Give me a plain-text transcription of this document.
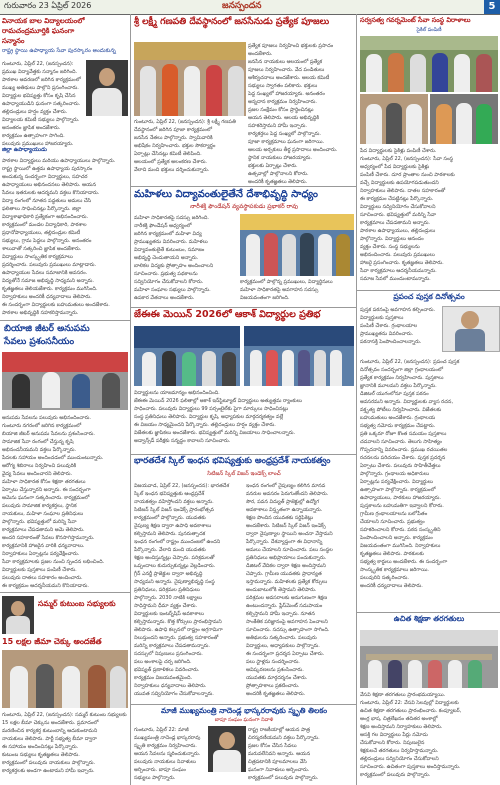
గురువారం 23 ఏప్రిల్ 2026	జనస్పందన	5
వినాయక బాల విద్యాలయంలో
రామచంద్రమూర్తికి ఘనంగా
సన్మానం
రాష్ట్ర స్థాయి ఉపాధ్యాయ సేవా పురస్కారం అందుకున్న
గుంటూరు, ఏప్రిల్ 22, (జనస్పందన): ప్రముఖ విద్యావేత్తకు సన్మానం జరిగింది.
పాఠశాల ఆవరణలో జరిగిన కార్యక్రమంలో
ముఖ్య అతిథులు పాల్గొని ప్రసంగించారు.
విద్యార్థుల భవిష్యత్తు కోసం కృషి చేసిన
ఉపాధ్యాయుడిని ఘనంగా సత్కరించారు.
తల్లిదండ్రులు హర్షం వ్యక్తం చేశారు.
విద్యాలయ కమిటీ సభ్యులు పాల్గొన్నారు.
అనంతరం జ్ఞాపిక అందజేశారు.
కార్యక్రమం ఉత్సాహంగా సాగింది.
పలువురు ప్రముఖులు హాజరయ్యారు.
జిల్లా ఉపాధ్యాయుడు
పాఠశాల విద్యార్థులు మరియు ఉపాధ్యాయులు పాల్గొన్నారు.
రాష్ట్ర స్థాయిలో ఉత్తమ ఉపాధ్యాయ పురస్కారం
అందుకున్న సందర్భంగా విద్యార్థులు, సహచర
ఉపాధ్యాయులు అభినందనలు తెలిపారు. ఆయన
సేవలు ఇతరులకు ఆదర్శమని వక్తలు కొనియాడారు.
విద్యా రంగంలో నూతన పద్ధతులు అమలు చేసి
ఫలితాలు సాధించినట్లు పేర్కొన్నారు. జిల్లా
విద్యాశాఖాధికారి ప్రత్యేకంగా అభినందించారు.
కార్యక్రమంలో మండల విద్యాధికారి, పాఠశాల
ప్రధానోపాధ్యాయులు, తల్లిదండ్రుల కమిటీ
సభ్యులు, గ్రామ పెద్దలు పాల్గొన్నారు. అనంతరం
శాలువాతో సత్కరించి జ్ఞాపిక అందజేశారు.
విద్యార్థులు సాంస్కృతిక కార్యక్రమాలు
ప్రదర్శించారు. పలువురు ప్రముఖులు మాట్లాడారు.
ఉపాధ్యాయుల సేవలు సమాజానికి అవసరం.
విద్యతోనే సమాజ అభివృద్ధి సాధ్యమని అన్నారు.
కృతజ్ఞతలు తెలియజేశారు. కార్యక్రమం ముగిసింది.
నిర్వాహకులు అందరికీ ధన్యవాదాలు తెలిపారు.
ఈ సందర్భంగా విద్యార్థులకు బహుమతులు అందజేశారు.
పాఠశాల అభివృద్ధికి సహకరిస్తామన్నారు.
బియాజి జీటర్ అనుపమ
సేవలు ప్రశంసనీయం
అనుపమ సేవలను పలువురు అభినందించారు.
గుంటూరు నగరంలో జరిగిన కార్యక్రమంలో
బియాజి జీటర్ అనుపమ సేవలను ప్రశంసించారు.
సామాజిక సేవా రంగంలో చేస్తున్న కృషి
అభినందనీయమని వక్తలు పేర్కొన్నారు.
పేదలకు సహాయం అందించడంలో ముందుంటున్నారు.
ఆరోగ్య శిబిరాలు నిర్వహించి పలువురికి
వైద్య సేవలు అందించారని తెలిపారు.
మహిళా సాధికారత కోసం శిక్షణా తరగతులు
ఏర్పాటు చేస్తున్నారని అన్నారు. ఈ సందర్భంగా
ఆమెను ఘనంగా సత్కరించారు. కార్యక్రమంలో
పలువురు సామాజిక కార్యకర్తలు, స్థానిక
నాయకులు, మహిళా సంఘాల ప్రతినిధులు
పాల్గొన్నారు. భవిష్యత్తులో మరిన్ని సేవా
కార్యక్రమాలు చేపడతామని ఆమె తెలిపారు.
అందరి సహకారంతో సేవలు కొనసాగిస్తామన్నారు.
కార్యక్రమానికి హాజరైన వారికి ధన్యవాదాలు.
నిర్వాహకులు ఏర్పాట్లను పర్యవేక్షించారు.
సేవా కార్యక్రమాలకు ప్రజల నుంచి స్పందన లభించింది.
విద్యార్థులకు పుస్తకాలు పంపిణీ చేశారు.
పలువురు దాతలు సహకారం అందించారు.
ఈ కార్యక్రమం ఆదర్శనీయమని కొనియాడారు.
సమ్మర్ కుటుంబ సభ్యులకు
15 లక్షల జీమా చెక్కు అందజేత
గుంటూరు, ఏప్రిల్ 22, (జనస్పందన): సమ్మర్ కుటుంబ సభ్యులకు
15 లక్షల బీమా చెక్కును అందజేశారు. ప్రమాదంలో
మరణించిన కార్యకర్త కుటుంబాన్ని ఆదుకుంటామని
నాయకులు తెలిపారు. పార్టీ సభ్యత్వ బీమా ద్వారా
ఈ సహాయం అందించినట్లు పేర్కొన్నారు.
కుటుంబ సభ్యులు కృతజ్ఞతలు తెలిపారు.
కార్యక్రమంలో పలువురు నాయకులు పాల్గొన్నారు.
కార్యకర్తలకు అండగా ఉంటామని హామీ ఇచ్చారు.
శ్రీ లక్ష్మీ గణపతి దేవస్థానంలో జనసేనుడు ప్రత్యేక పూజలు
ప్రత్యేక పూజలు నిర్వహించి భక్తులకు ప్రసాదం అందజేశారు.
జనసేన నాయకులు ఆలయంలో ప్రత్యేక
పూజలు నిర్వహించారు. వేద పండితులు
ఆశీర్వచనాలు అందజేశారు. ఆలయ కమిటీ
సభ్యులు స్వాగతం పలికారు. భక్తులు
పెద్ద సంఖ్యలో హాజరయ్యారు. అనంతరం
అన్నదాన కార్యక్రమం నిర్వహించారు.
ప్రజల సంక్షేమం కోసం ప్రార్థించినట్లు
ఆయన తెలిపారు. ఆలయ అభివృద్ధికి
సహకరిస్తామని హామీ ఇచ్చారు.
కార్యకర్తలు పెద్ద సంఖ్యలో పాల్గొన్నారు.
పూజా కార్యక్రమాలు ఘనంగా జరిగాయి.
ఆలయ అర్చకులు తీర్థ ప్రసాదాలు అందించారు.
స్థానిక నాయకులు హాజరయ్యారు.
భక్తులకు ఏర్పాట్లు చేశారు.
ఉత్సవాల్లో పాల్గొనాలని కోరారు.
అందరికీ కృతజ్ఞతలు తెలిపారు.
గుంటూరు, ఏప్రిల్ 22, (జనస్పందన): శ్రీ లక్ష్మీ గణపతి
దేవస్థానంలో జరిగిన పూజా కార్యక్రమంలో
జనసేన నేతలు పాల్గొన్నారు. స్వామివారికి
అభిషేకం నిర్వహించారు. భక్తుల సౌకర్యార్థం
ఏర్పాట్లు చేసినట్లు కమిటీ తెలిపింది.
ఆలయంలో ప్రత్యేక అలంకరణ చేశారు.
వేలాది మంది భక్తులు దర్శించుకున్నారు.
మహిళలు విద్యావంతులైతేనే దేశాభివృద్ధి సాధ్యం
నారీశక్తి ఫౌండేషన్ వ్యవస్థాపకుడు ప్రభాకర్ రావు
మహిళా సాధికారతపై సదస్సు జరిగింది.
నారీశక్తి ఫౌండేషన్ ఆధ్వర్యంలో
జరిగిన కార్యక్రమంలో మహిళా విద్య
ప్రాముఖ్యతను వివరించారు. మహిళలు
విద్యావంతులైతే కుటుంబం, సమాజం
అభివృద్ధి చెందుతాయని అన్నారు.
బాలికల విద్యకు ప్రోత్సాహం అందించాలని
సూచించారు. ప్రభుత్వ పథకాలను
సద్వినియోగం చేసుకోవాలని కోరారు.
మహిళా సంఘాల సభ్యులు పాల్గొన్నారు.
ఉపకార వేతనాలు అందజేశారు.
కార్యక్రమంలో పాల్గొన్న ప్రముఖులు, విద్యార్థినులు
మహిళా సాధికారతపై అవగాహన సదస్సు
విజయవంతంగా జరిగింది.
జేఈఈ మెయిన్ 2026లో ఆకాశ్ విద్యార్థుల ప్రతిభ
విద్యార్థులను యాజమాన్యం అభినందించింది.
జేఈఈ మెయిన్ 2026 ఫలితాల్లో ఆకాశ్ ఇన్‌స్టిట్యూట్ విద్యార్థులు అత్యుత్తమ ర్యాంకులు
సాధించారు. పలువురు విద్యార్థులు 99 పర్సంటైల్‌కు పైగా మార్కులు సాధించినట్లు
సంస్థ ప్రతినిధులు తెలిపారు. విద్యార్థుల కృషి, అధ్యాపకుల మార్గదర్శకత్వం వల్లే
ఈ విజయం సాధ్యమైందని పేర్కొన్నారు. తల్లిదండ్రులు హర్షం వ్యక్తం చేశారు.
విజేతలకు జ్ఞాపికలు అందజేశారు. భవిష్యత్తులో మరిన్ని విజయాలు సాధించాలన్నారు.
అడ్వాన్స్‌డ్ పరీక్షకు సన్నద్ధం కావాలని సూచించారు.
భారతదేశ స్కిల్ ఇంధన భవిష్యత్తుకు అంధ్రప్రదేశ్ నాయకత్వం
సిటిజన్ స్కిల్ విజన్ ఇండెక్స్ లాంచ్
విజయవాడ, ఏప్రిల్ 22, (జనస్పందన): భారతదేశ
స్కిల్ ఇంధన భవిష్యత్తుకు ఆంధ్రప్రదేశ్
నాయకత్వం వహిస్తోందని వక్తలు అన్నారు.
సిటిజన్ స్కిల్ విజన్ ఇండెక్స్ ప్రారంభోత్సవ
కార్యక్రమంలో పాల్గొన్నారు. యువతకు
నైపుణ్య శిక్షణ ద్వారా ఉపాధి అవకాశాలు
కల్పిస్తామని తెలిపారు. పునరుత్పాదక
ఇంధన రంగంలో రాష్ట్రం ముందంజలో ఉందని
పేర్కొన్నారు. వేలాది మంది యువతకు
శిక్షణ అందిస్తున్నట్లు చెప్పారు. పరిశ్రమలతో
ఒప్పందాలు కుదుర్చుకున్నట్లు వెల్లడించారు.
గ్రీన్ ఎనర్జీ ప్రాజెక్టుల ద్వారా అభివృద్ధి
సాధ్యమని అన్నారు. నైపుణ్యాభివృద్ధి సంస్థ
ప్రతినిధులు, పరిశ్రమల ప్రతినిధులు
పాల్గొన్నారు. 2030 నాటికి లక్ష్యాలు
సాధిస్తామని ధీమా వ్యక్తం చేశారు.
విద్యార్థులకు ఇంటర్న్‌షిప్ అవకాశాలు
కల్పిస్తామన్నారు. కొత్త కోర్సులు ప్రారంభిస్తామని
తెలిపారు. ఉపాధి కల్పనలో రాష్ట్రం అగ్రగామిగా
నిలుస్తుందని అన్నారు. ప్రభుత్వ సహకారంతో
మరిన్ని కార్యక్రమాలు చేపడతామన్నారు.
సదస్సులో నిపుణులు ప్రసంగించారు.
పలు అంశాలపై చర్చ జరిగింది.
భవిష్యత్ ప్రణాళికలు వివరించారు.
కార్యక్రమం విజయవంతమైంది.
నిర్వాహకులు ధన్యవాదాలు తెలిపారు.
యువత సద్వినియోగం చేసుకోవాలన్నారు.
ఇంధన రంగంలో నైపుణ్యం కలిగిన మానవ
వనరుల అవసరం పెరుగుతోందని తెలిపారు.
సౌర, పవన విద్యుత్ ప్రాజెక్టుల్లో ఉద్యోగ
అవకాశాలు విస్తృతంగా ఉన్నాయన్నారు.
శిక్షణ పొందిన యువతకు సర్టిఫికెట్లు
అందజేశారు. సిటిజన్ స్కిల్ విజన్ ఇండెక్స్
ద్వారా నైపుణ్యాల స్థాయిని అంచనా వేస్తామని
పేర్కొన్నారు. దేశవ్యాప్తంగా ఈ విధానాన్ని
అమలు చేయాలని సూచించారు. పలు సంస్థల
ప్రతినిధులు అభిప్రాయాలు పంచుకున్నారు.
డిజిటల్ వేదికల ద్వారా శిక్షణ అందిస్తామని
చెప్పారు. గ్రామీణ యువతకు ప్రాధాన్యత
ఇస్తామన్నారు. మహిళలకు ప్రత్యేక కోర్సులు
అందుబాటులోకి తెస్తామని తెలిపారు.
పరిశ్రమల అవసరాలకు అనుగుణంగా శిక్షణ
ఉంటుందన్నారు. ప్లేస్‌మెంట్ సదుపాయం
కల్పిస్తామని హామీ ఇచ్చారు. నూతన
సాంకేతిక పరిజ్ఞానంపై అవగాహన పెంచాలని
సూచించారు. సదస్సు ఉత్సాహంగా సాగింది.
అతిథులను సత్కరించారు. పలువురు
విద్యార్థులు, అధ్యాపకులు పాల్గొన్నారు.
ఈ సందర్భంగా ప్రదర్శన ఏర్పాటు చేశారు.
పలు స్టాళ్లను సందర్శించారు.
ఆవిష్కరణలను ప్రశంసించారు.
యువతకు మార్గదర్శనం చేశారు.
ప్రోత్సాహకాలు ప్రకటించారు.
అందరికీ కృతజ్ఞతలు తెలిపారు.
మాజీ ముఖ్యమంత్రి నాదెండ్ల భాస్కరరావుకు స్మృతి తిలకం
బాపూ సంఘం ఘనంగా నివాళి
గుంటూరు, ఏప్రిల్ 22: మాజీ
ముఖ్యమంత్రి నాదెండ్ల భాస్కరరావు
స్మృతి కార్యక్రమం నిర్వహించారు.
ఆయన సేవలను స్మరించుకున్నారు.
పలువురు నాయకులు నివాళులు
అర్పించారు. బాపూ సంఘం
సభ్యులు పాల్గొన్నారు.
రాష్ట్ర రాజకీయాల్లో ఆయన పాత్ర
చిరస్మరణీయమని వక్తలు పేర్కొన్నారు.
ప్రజల కోసం చేసిన సేవలు
మరువలేనివని అన్నారు. ఆయన
చిత్రపటానికి పూలమాలలు వేసి
ఘనంగా నివాళులు అర్పించారు.
కార్యక్రమంలో పలువురు పాల్గొన్నారు.
సర్వసత్వ గవర్నమెంట్ సేవా సంస్థ విరాళాలు
సైకిల్ పంపిణీ
పేద విద్యార్థులకు సైకిళ్లు పంపిణీ చేశారు.
గుంటూరు, ఏప్రిల్ 22, (జనస్పందన): సేవా సంస్థ
ఆధ్వర్యంలో పేద విద్యార్థులకు సైకిళ్లు
పంపిణీ చేశారు. దూర ప్రాంతాల నుంచి పాఠశాలకు
వచ్చే విద్యార్థులకు ఉపయోగపడుతుందని
నిర్వాహకులు తెలిపారు. దాతల సహకారంతో
ఈ కార్యక్రమం చేపట్టినట్లు పేర్కొన్నారు.
విద్యార్థులు సద్వినియోగం చేసుకోవాలని
సూచించారు. భవిష్యత్తులో మరిన్ని సేవా
కార్యక్రమాలు చేపడతామని అన్నారు.
పాఠశాల ఉపాధ్యాయులు, తల్లిదండ్రులు
పాల్గొన్నారు. విద్యార్థులు ఆనందం
వ్యక్తం చేశారు. సంస్థ సభ్యులను
అభినందించారు. పలువురు ప్రముఖులు
హాజరై ప్రసంగించారు. కృతజ్ఞతలు తెలిపారు.
సేవా కార్యక్రమాలు ఆదర్శనీయమన్నారు.
సమాజ సేవలో ముందుంటామన్నారు.
ప్రపంచ పుస్తక దినోత్సవం
పుస్తక పఠనంపై అవగాహన కల్పించారు.
విద్యార్థులకు పుస్తకాలు
పంపిణీ చేశారు. గ్రంథాలయాల
ప్రాముఖ్యతను వివరించారు.
పఠనాసక్తి పెంపొందించాలన్నారు.
గుంటూరు, ఏప్రిల్ 22, (జనస్పందన): ప్రపంచ పుస్తక
దినోత్సవం సందర్భంగా జిల్లా గ్రంథాలయంలో
ప్రత్యేక కార్యక్రమం నిర్వహించారు. పుస్తకాలు
జ్ఞానానికి మూలమని వక్తలు పేర్కొన్నారు.
డిజిటల్ యుగంలోనూ పుస్తక పఠనం
అవసరమని అన్నారు. విద్యార్థులకు వ్యాస రచన,
వక్తృత్వ పోటీలు నిర్వహించారు. విజేతలకు
బహుమతులు అందజేశారు. గ్రంథాలయ
సభ్యత్వ నమోదు కార్యక్రమం చేపట్టారు.
ప్రతి ఒక్కరూ రోజూ కొంత సమయం పుస్తకాలు
చదవాలని సూచించారు. తెలుగు సాహిత్యం
గొప్పదనాన్ని వివరించారు. ప్రముఖ రచయితల
రచనలను పరిచయం చేశారు. పుస్తక ప్రదర్శన
ఏర్పాటు చేశారు. పలువురు సాహితీవేత్తలు
పాల్గొన్నారు. గ్రంథాలయ అధికారులు
ఏర్పాట్లను పర్యవేక్షించారు. విద్యార్థులు
ఉత్సాహంగా పాల్గొన్నారు. కార్యక్రమంలో
ఉపాధ్యాయులు, పాఠకులు హాజరయ్యారు.
పుస్తకాలను బహుమతిగా ఇవ్వాలని కోరారు.
గ్రామీణ గ్రంథాలయాలను బలోపేతం
చేయాలని సూచించారు. ప్రభుత్వం
సహకరించాలని కోరారు. పఠన సంస్కృతిని
పెంపొందించాలని అన్నారు. కార్యక్రమం
విజయవంతంగా ముగిసింది. నిర్వాహకులు
కృతజ్ఞతలు తెలిపారు. పాఠకులకు
సభ్యత్వ కార్డులు అందజేశారు. ఈ సందర్భంగా
సాంస్కృతిక కార్యక్రమాలు జరిగాయి.
పలువురిని సత్కరించారు.
అందరికీ ధన్యవాదాలు తెలిపారు.
ఉచిత శిక్షణా తరగతులు
వేసవి శిక్షణా తరగతులు ప్రారంభమయ్యాయి.
గుంటూరు, ఏప్రిల్ 22: వేసవి సెలవుల్లో విద్యార్థులకు
ఉచిత శిక్షణా తరగతులు ప్రారంభించారు. కంప్యూటర్,
ఆంగ్ల భాష, చిత్రలేఖనం తదితర అంశాల్లో
శిక్షణ అందిస్తామని నిర్వాహకులు తెలిపారు.
ఆసక్తి గల విద్యార్థులు పేర్లు నమోదు
చేసుకోవాలని కోరారు. నిపుణులైన
శిక్షకులచే తరగతులు నిర్వహిస్తామన్నారు.
తల్లిదండ్రులు సద్వినియోగం చేసుకోవాలని
సూచించారు. ఉచితంగా పుస్తకాలు అందిస్తామన్నారు.
కార్యక్రమంలో పలువురు పాల్గొన్నారు.
